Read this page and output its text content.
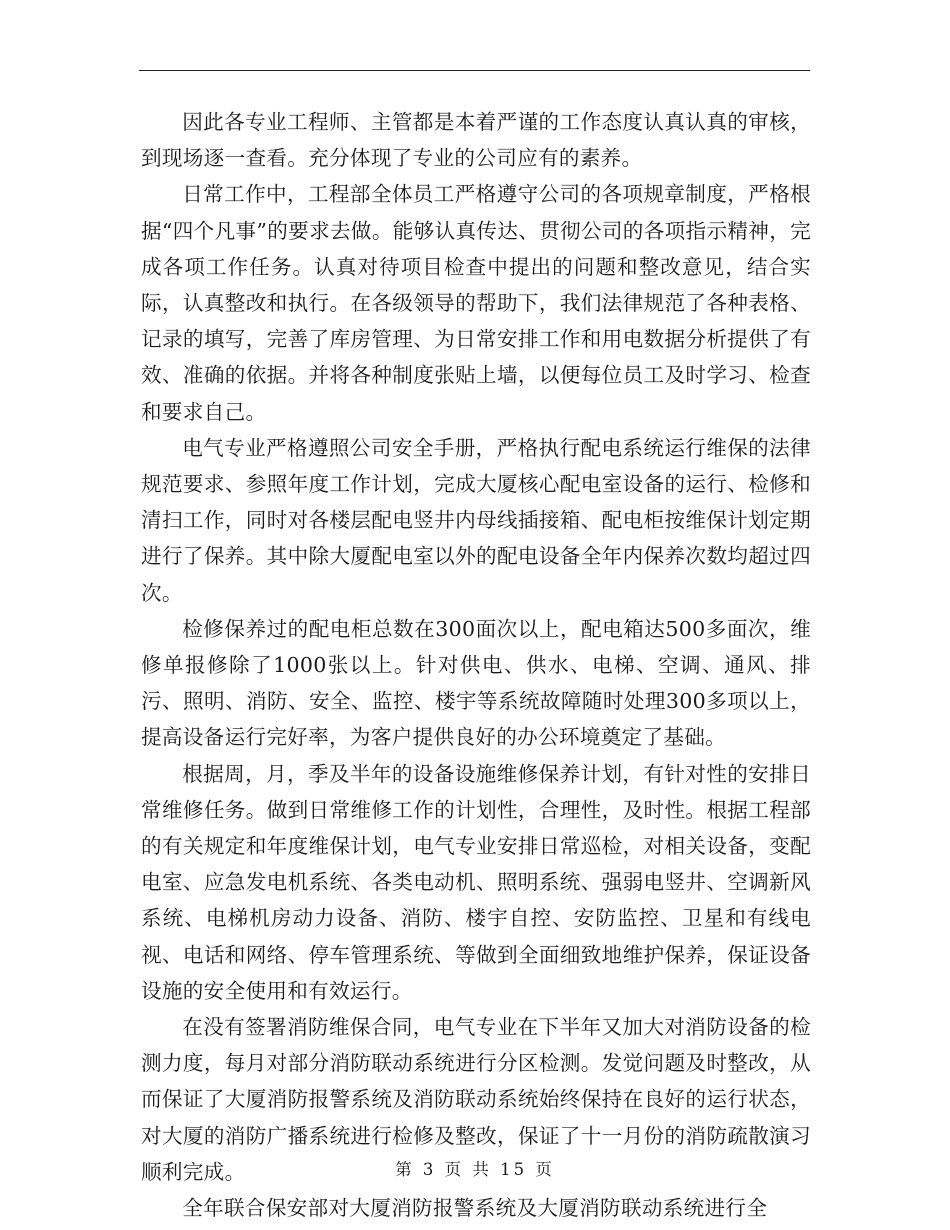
因此各专业工程师、主管都是本着严谨的工作态度认真认真的审核，到现场逐一查看。充分体现了专业的公司应有的素养。

日常工作中，工程部全体员工严格遵守公司的各项规章制度，严格根据“四个凡事”的要求去做。能够认真传达、贯彻公司的各项指示精神，完成各项工作任务。认真对待项目检查中提出的问题和整改意见，结合实际，认真整改和执行。在各级领导的帮助下，我们法律规范了各种表格、记录的填写，完善了库房管理、为日常安排工作和用电数据分析提供了有效、准确的依据。并将各种制度张贴上墙，以便每位员工及时学习、检查和要求自己。

电气专业严格遵照公司安全手册，严格执行配电系统运行维保的法律规范要求、参照年度工作计划，完成大厦核心配电室设备的运行、检修和清扫工作，同时对各楼层配电竖井内母线插接箱、配电柜按维保计划定期进行了保养。其中除大厦配电室以外的配电设备全年内保养次数均超过四次。

检修保养过的配电柜总数在300面次以上，配电箱达500多面次，维修单报修除了1000张以上。针对供电、供水、电梯、空调、通风、排污、照明、消防、安全、监控、楼宇等系统故障随时处理300多项以上，提高设备运行完好率，为客户提供良好的办公环境奠定了基础。

根据周，月，季及半年的设备设施维修保养计划，有针对性的安排日常维修任务。做到日常维修工作的计划性，合理性，及时性。根据工程部的有关规定和年度维保计划，电气专业安排日常巡检，对相关设备，变配电室、应急发电机系统、各类电动机、照明系统、强弱电竖井、空调新风系统、电梯机房动力设备、消防、楼宇自控、安防监控、卫星和有线电视、电话和网络、停车管理系统、等做到全面细致地维护保养，保证设备设施的安全使用和有效运行。

在没有签署消防维保合同，电气专业在下半年又加大对消防设备的检测力度，每月对部分消防联动系统进行分区检测。发觉问题及时整改，从而保证了大厦消防报警系统及消防联动系统始终保持在良好的运行状态，对大厦的消防广播系统进行检修及整改，保证了十一月份的消防疏散演习顺利完成。

全年联合保安部对大厦消防报警系统及大厦消防联动系统进行全

第 3 页 共 15 页
